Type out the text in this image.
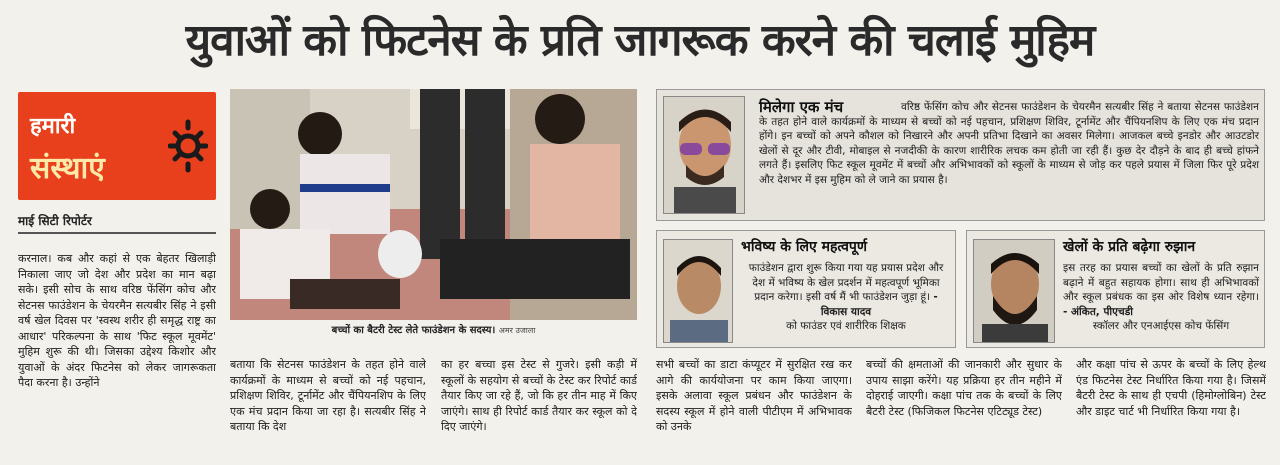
युवाओं को फिटनेस के प्रति जागरूक करने की चलाई मुहिम
हमारी
संस्थाएं
माई सिटी रिपोर्टर
करनाल। कब और कहां से एक बेहतर खिलाड़ी निकाला जाए जो देश और प्रदेश का मान बढ़ा सके। इसी सोच के साथ वरिष्ठ फेंसिंग कोच और सेटनस फाउंडेशन के चेयरमैन सत्यबीर सिंह ने इसी वर्ष खेल दिवस पर 'स्वस्थ शरीर ही समृद्ध राष्ट्र का आधार' परिकल्पना के साथ 'फिट स्कूल मूवमेंट' मुहिम शुरू की थी। जिसका उद्देश्य किशोर और युवाओं के अंदर फिटनेस को लेकर जागरूकता पैदा करना है। उन्होंने
बच्चों का बैटरी टेस्ट लेते फाउंडेशन के सदस्य। अमर उजाला
बताया कि सेटनस फाउंडेशन के तहत होने वाले कार्यक्रमों के माध्यम से बच्चों को नई पहचान, प्रशिक्षण शिविर, टूर्नामेंट और चैंपियनशिप के लिए एक मंच प्रदान किया जा रहा है। सत्यबीर सिंह ने बताया कि देश
का हर बच्चा इस टेस्ट से गुजरे। इसी कड़ी में स्कूलों के सहयोग से बच्चों के टेस्ट कर रिपोर्ट कार्ड तैयार किए जा रहे हैं, जो कि हर तीन माह में किए जाएंगे। साथ ही रिपोर्ट कार्ड तैयार कर स्कूल को दे दिए जाएंगे।
मिलेगा एक मंच	वरिष्ठ फेंसिंग कोच और सेटनस फाउंडेशन के चेयरमैन सत्यबीर सिंह ने बताया सेटनस फाउंडेशन के तहत होने वाले कार्यक्रमों के माध्यम से बच्चों को नई पहचान, प्रशिक्षण शिविर, टूर्नामेंट और चैंपियनशिप के लिए एक मंच प्रदान होंगे। इन बच्चों को अपने कौशल को निखारने और अपनी प्रतिभा दिखाने का अवसर मिलेगा। आजकल बच्चे इनडोर और आउटडोर खेलों से दूर और टीवी, मोबाइल से नजदीकी के कारण शारीरिक लचक कम होती जा रही हैं। कुछ देर दौड़ने के बाद ही बच्चे हांफने लगते हैं। इसलिए फिट स्कूल मूवमेंट में बच्चों और अभिभावकों को स्कूलों के माध्यम से जोड़ कर पहले प्रयास में जिला फिर पूरे प्रदेश और देशभर में इस मुहिम को ले जाने का प्रयास है।
भविष्य के लिए महत्वपूर्ण
फाउंडेशन द्वारा शुरू किया गया यह प्रयास प्रदेश और देश में भविष्य के खेल प्रदर्शन में महत्वपूर्ण भूमिका प्रदान करेगा। इसी वर्ष मैं भी फाउंडेशन जुड़ा हूं। - विकास यादव
को फाउंडर एवं शारीरिक शिक्षक
खेलों के प्रति बढ़ेगा रुझान
इस तरह का प्रयास बच्चों का खेलों के प्रति रुझान बढ़ाने में बहुत सहायक होगा। साथ ही अभिभावकों और स्कूल प्रबंधक का इस ओर विशेष ध्यान रहेगा। - अंकित, पीएचडी
स्कॉलर और एनआईएस कोच फेंसिंग
सभी बच्चों का डाटा कंप्यूटर में सुरक्षित रख कर आगे की कार्ययोजना पर काम किया जाएगा। इसके अलावा स्कूल प्रबंधन और फाउंडेशन के सदस्य स्कूल में होने वाली पीटीएम में अभिभावक को उनके
बच्चों की क्षमताओं की जानकारी और सुधार के उपाय साझा करेंगे। यह प्रक्रिया हर तीन महीने में दोहराई जाएगी। कक्षा पांच तक के बच्चों के लिए बैटरी टेस्ट (फिजिकल फिटनेस एटिट्यूड टेस्ट)
और कक्षा पांच से ऊपर के बच्चों के लिए हेल्थ एंड फिटनेस टेस्ट निर्धारित किया गया है। जिसमें बैटरी टेस्ट के साथ ही एचपी (हिमोग्लोबिन) टेस्ट और डाइट चार्ट भी निर्धारित किया गया है।
